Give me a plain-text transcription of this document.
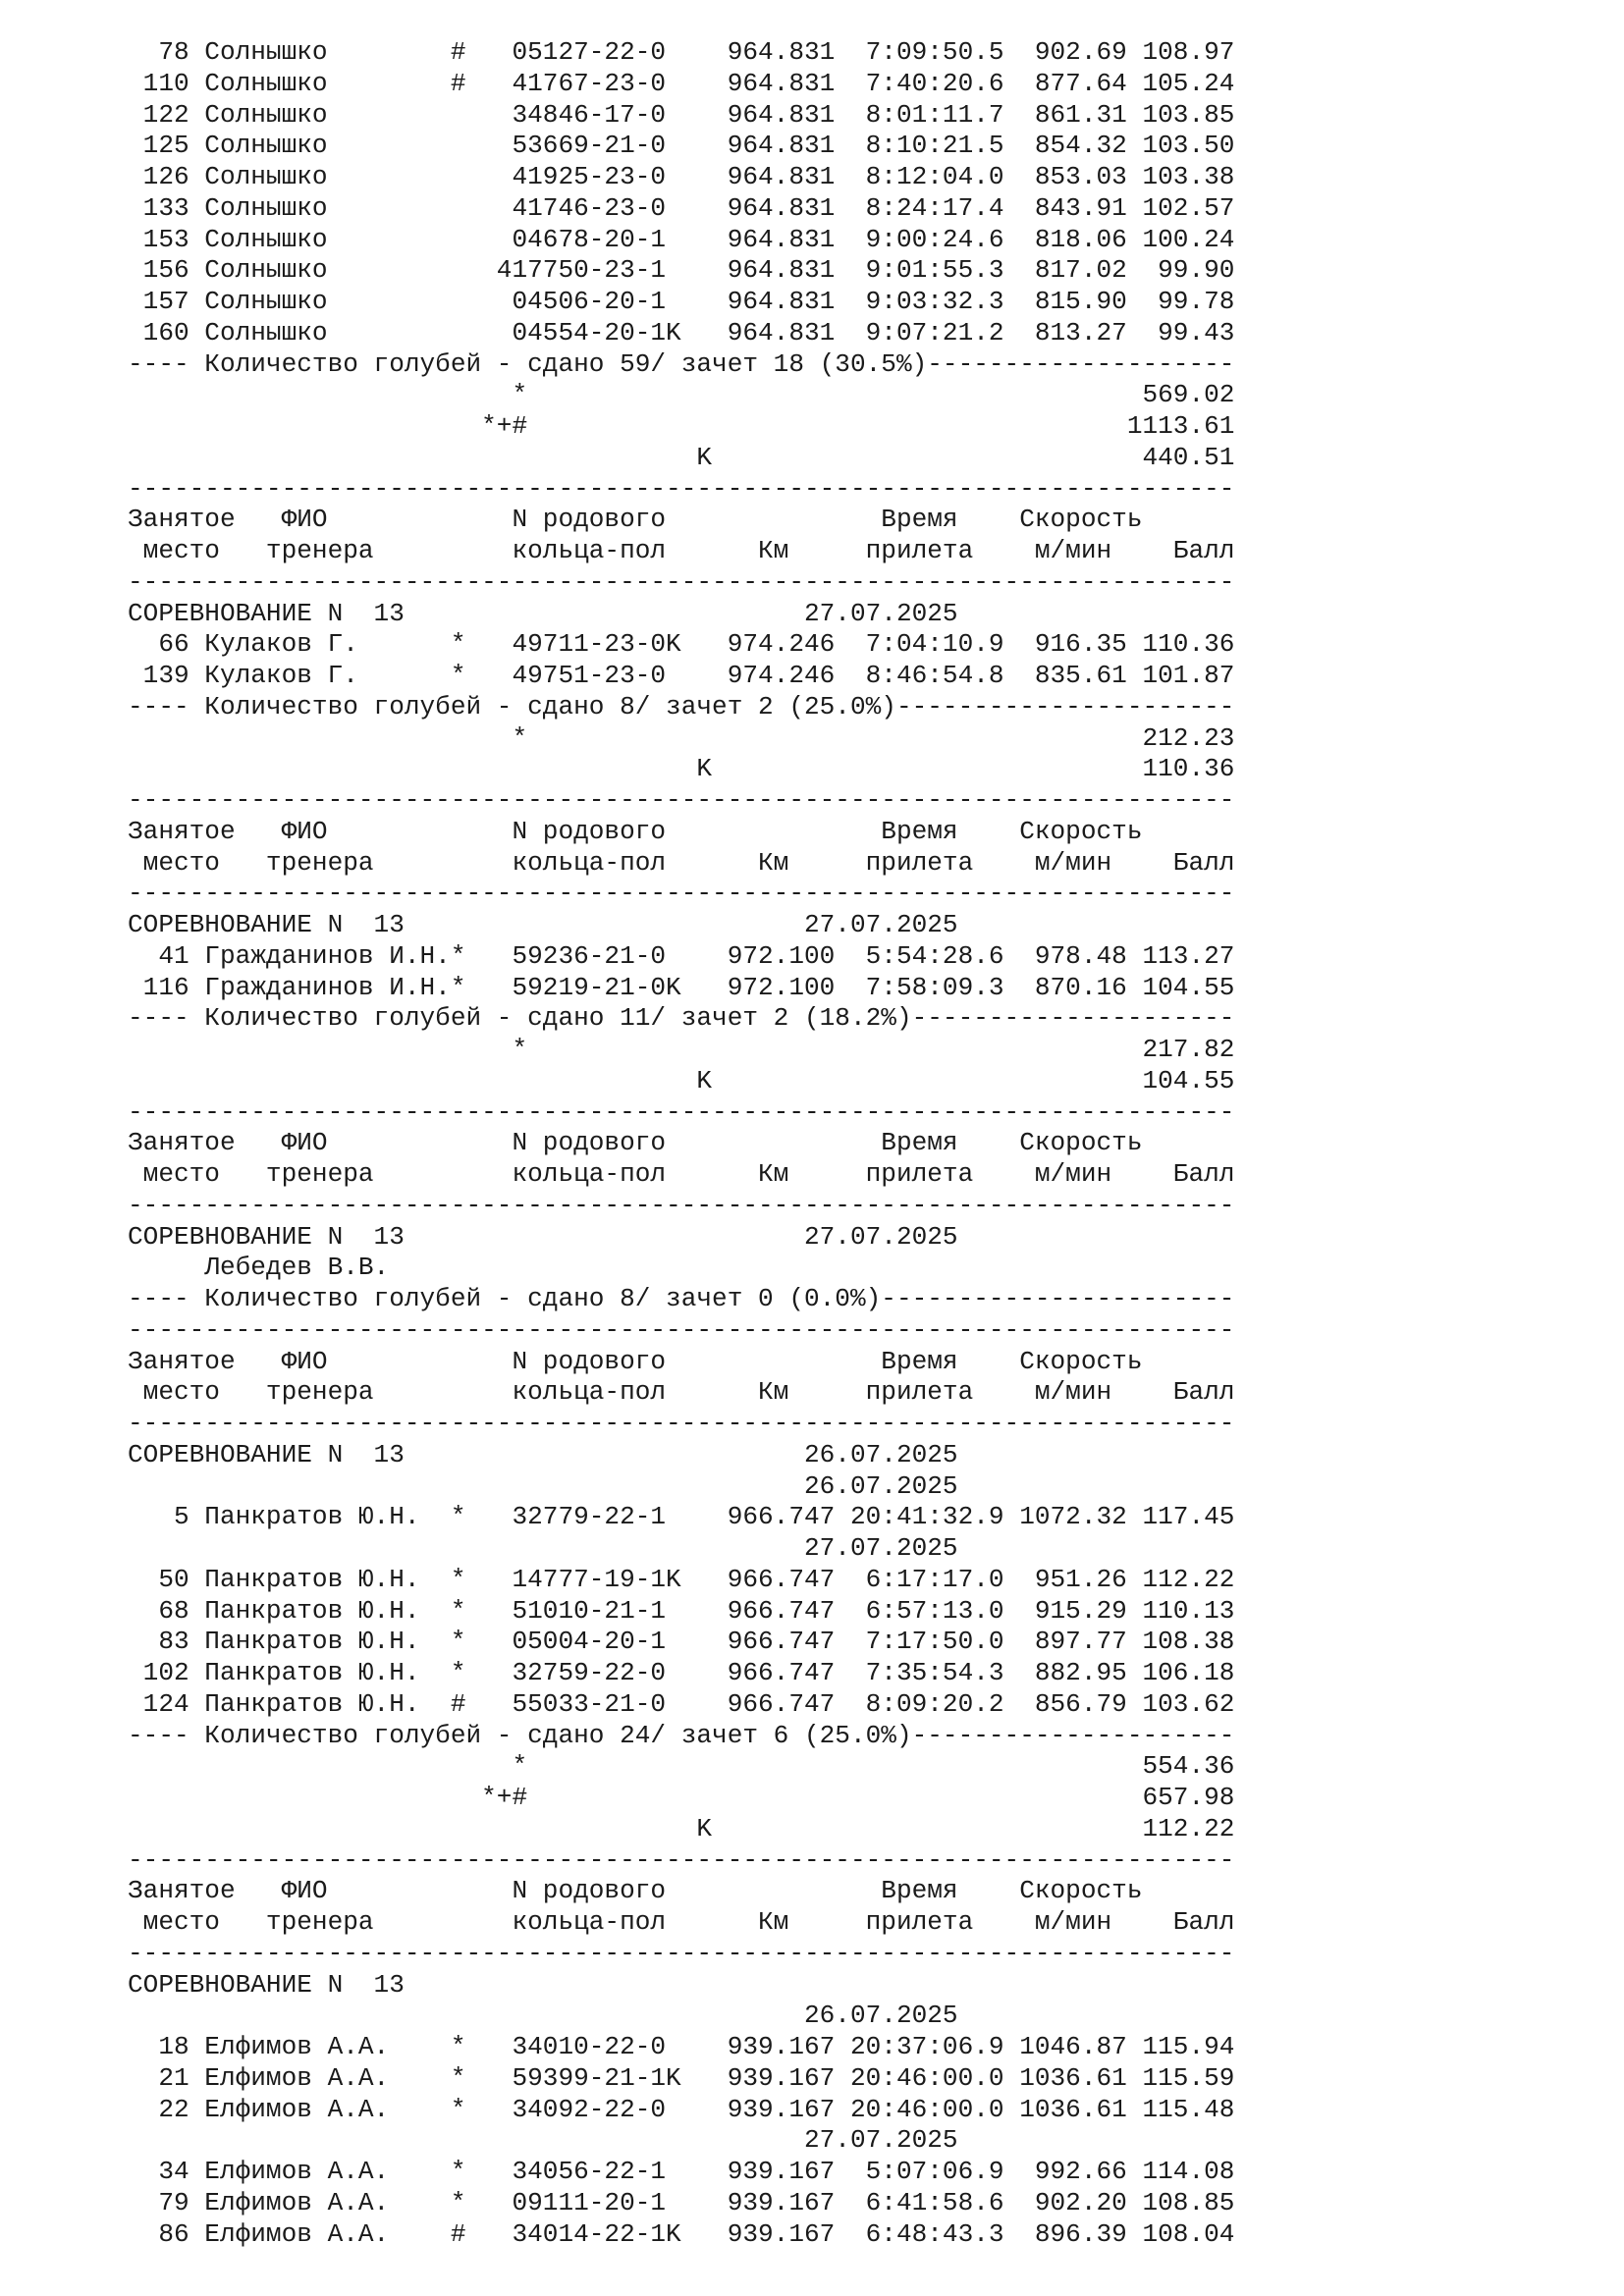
78 Солнышко        #   05127-22-0    964.831  7:09:50.5  902.69 108.97
110 Солнышко        #   41767-23-0    964.831  7:40:20.6  877.64 105.24
122 Солнышко            34846-17-0    964.831  8:01:11.7  861.31 103.85
125 Солнышко            53669-21-0    964.831  8:10:21.5  854.32 103.50
126 Солнышко            41925-23-0    964.831  8:12:04.0  853.03 103.38
133 Солнышко            41746-23-0    964.831  8:24:17.4  843.91 102.57
153 Солнышко            04678-20-1    964.831  9:00:24.6  818.06 100.24
156 Солнышко           417750-23-1    964.831  9:01:55.3  817.02  99.90
157 Солнышко            04506-20-1    964.831  9:03:32.3  815.90  99.78
160 Солнышко            04554-20-1K   964.831  9:07:21.2  813.27  99.43
---- Количество голубей - сдано 59/ зачет 18 (30.5%)--------------------
*                                        569.02
*+#                                       1113.61
K                            440.51
------------------------------------------------------------------------
Занятое   ФИО            N родового              Время    Скорость
место   тренера         кольца-пол      Км     прилета    м/мин    Балл
------------------------------------------------------------------------
СОРЕВНОВАНИЕ N  13                          27.07.2025
66 Кулаков Г.      *   49711-23-0K   974.246  7:04:10.9  916.35 110.36
139 Кулаков Г.      *   49751-23-0    974.246  8:46:54.8  835.61 101.87
---- Количество голубей - сдано 8/ зачет 2 (25.0%)----------------------
*                                        212.23
K                            110.36
------------------------------------------------------------------------
Занятое   ФИО            N родового              Время    Скорость
место   тренера         кольца-пол      Км     прилета    м/мин    Балл
------------------------------------------------------------------------
СОРЕВНОВАНИЕ N  13                          27.07.2025
41 Гражданинов И.Н.*   59236-21-0    972.100  5:54:28.6  978.48 113.27
116 Гражданинов И.Н.*   59219-21-0K   972.100  7:58:09.3  870.16 104.55
---- Количество голубей - сдано 11/ зачет 2 (18.2%)---------------------
*                                        217.82
K                            104.55
------------------------------------------------------------------------
Занятое   ФИО            N родового              Время    Скорость
место   тренера         кольца-пол      Км     прилета    м/мин    Балл
------------------------------------------------------------------------
СОРЕВНОВАНИЕ N  13                          27.07.2025
Лебедев В.В.
---- Количество голубей - сдано 8/ зачет 0 (0.0%)-----------------------
------------------------------------------------------------------------
Занятое   ФИО            N родового              Время    Скорость
место   тренера         кольца-пол      Км     прилета    м/мин    Балл
------------------------------------------------------------------------
СОРЕВНОВАНИЕ N  13                          26.07.2025
26.07.2025
5 Панкратов Ю.Н.  *   32779-22-1    966.747 20:41:32.9 1072.32 117.45
27.07.2025
50 Панкратов Ю.Н.  *   14777-19-1K   966.747  6:17:17.0  951.26 112.22
68 Панкратов Ю.Н.  *   51010-21-1    966.747  6:57:13.0  915.29 110.13
83 Панкратов Ю.Н.  *   05004-20-1    966.747  7:17:50.0  897.77 108.38
102 Панкратов Ю.Н.  *   32759-22-0    966.747  7:35:54.3  882.95 106.18
124 Панкратов Ю.Н.  #   55033-21-0    966.747  8:09:20.2  856.79 103.62
---- Количество голубей - сдано 24/ зачет 6 (25.0%)---------------------
*                                        554.36
*+#                                        657.98
K                            112.22
------------------------------------------------------------------------
Занятое   ФИО            N родового              Время    Скорость
место   тренера         кольца-пол      Км     прилета    м/мин    Балл
------------------------------------------------------------------------
СОРЕВНОВАНИЕ N  13
26.07.2025
18 Елфимов А.А.    *   34010-22-0    939.167 20:37:06.9 1046.87 115.94
21 Елфимов А.А.    *   59399-21-1K   939.167 20:46:00.0 1036.61 115.59
22 Елфимов А.А.    *   34092-22-0    939.167 20:46:00.0 1036.61 115.48
27.07.2025
34 Елфимов А.А.    *   34056-22-1    939.167  5:07:06.9  992.66 114.08
79 Елфимов А.А.    *   09111-20-1    939.167  6:41:58.6  902.20 108.85
86 Елфимов А.А.    #   34014-22-1K   939.167  6:48:43.3  896.39 108.04
